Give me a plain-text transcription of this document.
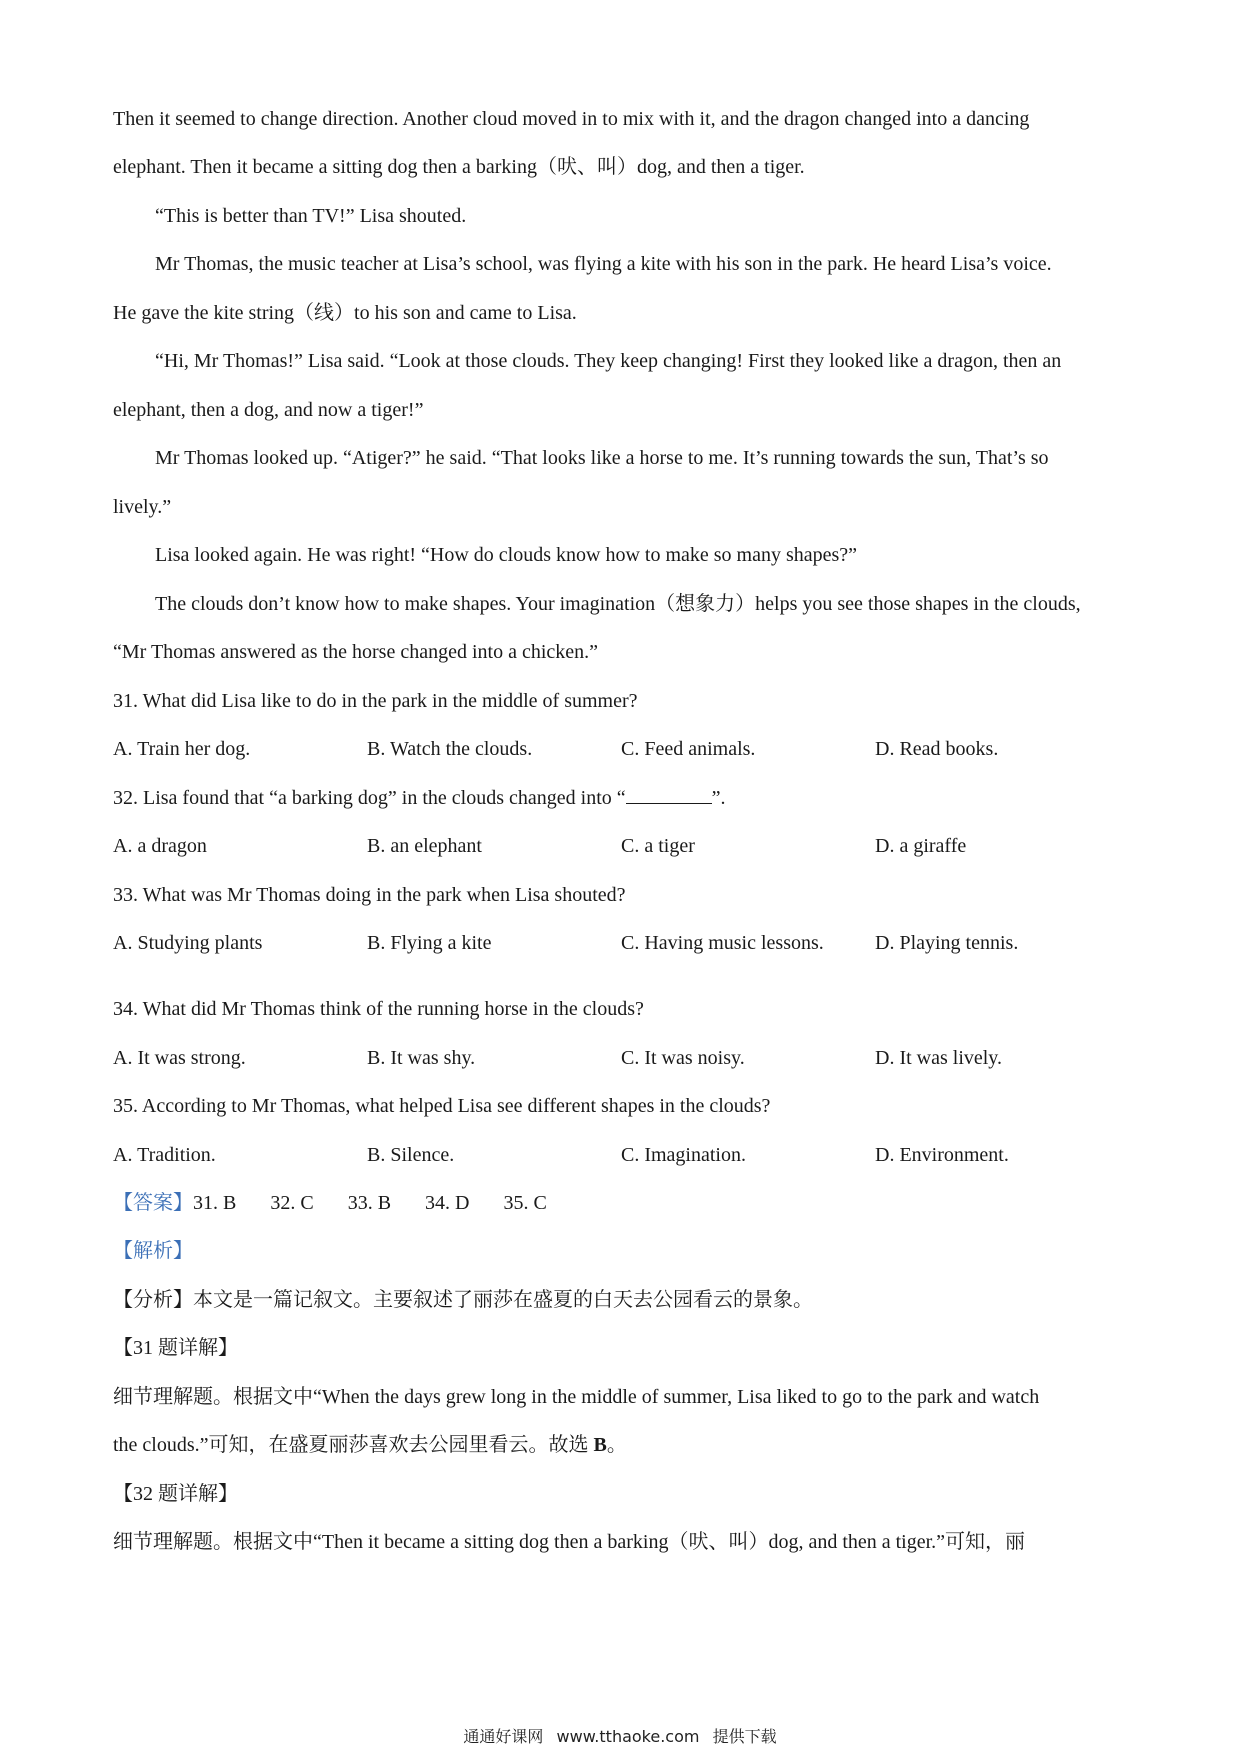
Then it seemed to change direction. Another cloud moved in to mix with it, and the dragon changed into a dancing
elephant. Then it became a sitting dog then a barking（吠、叫）dog, and then a tiger.
“This is better than TV!” Lisa shouted.
Mr Thomas, the music teacher at Lisa’s school, was flying a kite with his son in the park. He heard Lisa’s voice.
He gave the kite string（线）to his son and came to Lisa.
“Hi, Mr Thomas!” Lisa said. “Look at those clouds. They keep changing! First they looked like a dragon, then an
elephant, then a dog, and now a tiger!”
Mr Thomas looked up. “Atiger?” he said. “That looks like a horse to me. It’s running towards the sun, That’s so
lively.”
Lisa looked again. He was right! “How do clouds know how to make so many shapes?”
The clouds don’t know how to make shapes. Your imagination（想象力）helps you see those shapes in the clouds,
“Mr Thomas answered as the horse changed into a chicken.”
31. What did Lisa like to do in the park in the middle of summer?
A. Train her dog.	B. Watch the clouds.	C. Feed animals.	D. Read books.
32. Lisa found that “a barking dog” in the clouds changed into “	”.
A. a dragon	B. an elephant	C. a tiger	D. a giraffe
33. What was Mr Thomas doing in the park when Lisa shouted?
A. Studying plants	B. Flying a kite	C. Having music lessons.	D. Playing tennis.
34. What did Mr Thomas think of the running horse in the clouds?
A. It was strong.	B. It was shy.	C. It was noisy.	D. It was lively.
35. According to Mr Thomas, what helped Lisa see different shapes in the clouds?
A. Tradition.	B. Silence.	C. Imagination.	D. Environment.
【答案】31. B 32. C 33. B 34. D 35. C
【解析】
【分析】本文是一篇记叙文。主要叙述了丽莎在盛夏的白天去公园看云的景象。
【31 题详解】
细节理解题。根据文中“When the days grew long in the middle of summer, Lisa liked to go to the park and watch
the clouds.”可知，在盛夏丽莎喜欢去公园里看云。故选 B。
【32 题详解】
细节理解题。根据文中“Then it became a sitting dog then a barking（吠、叫）dog, and then a tiger.”可知，丽
通通好课网 www.tthaoke.com 提供下载
